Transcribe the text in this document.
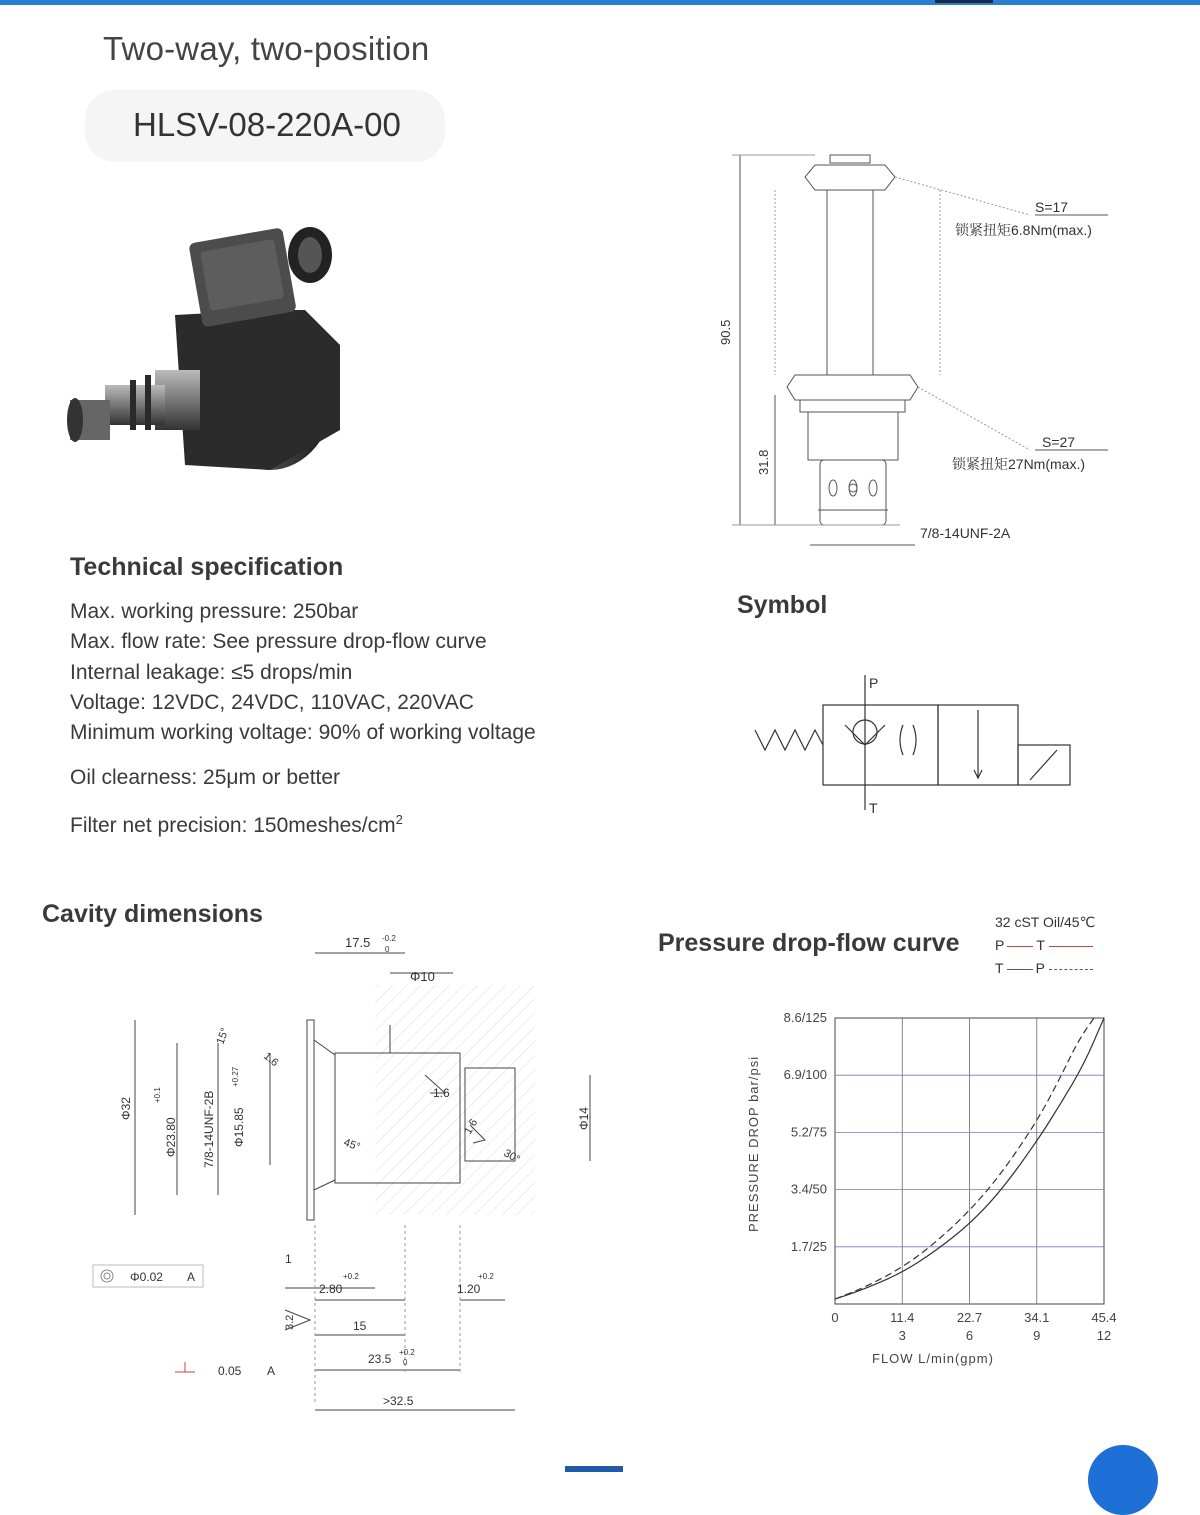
Two-way, two-position
HLSV-08-220A-00
Technical specification
Max. working pressure: 250bar
Max. flow rate: See pressure drop-flow curve
Internal leakage: ≤5 drops/min
Voltage: 12VDC, 24VDC, 110VAC, 220VAC
Minimum working voltage: 90% of working voltage
Oil clearness: 25μm or better
Filter net precision: $150meshes/cm^2$
90.5
31.8
S=17
锁紧扭矩6.8Nm(max.)
S=27
锁紧扭矩27Nm(max.)
7/8-14UNF-2A
Symbol
P
T
Cavity dimensions
17.5 -0.2
0
Φ10
Φ32
Φ23.80
+0.1	7/8-14UNF-2B Φ15.85
+0.27
15°
1.6
1.6
1.6
45°
30°
Φ14
1
2.80
+0.2
1.20
+0.2
3.2	15
23.5 +0.2
0
>32.5
Φ0.02 A
0.05 A
Pressure drop-flow curve
32 cST Oil/45℃
P T
T P
0	11.4	22.7	34.1	45.4
3	6	9	12
1.7/25
3.4/50
5.2/75
6.9/100
8.6/125
PRESSURE DROP bar/psi
FLOW L/min(gpm)
